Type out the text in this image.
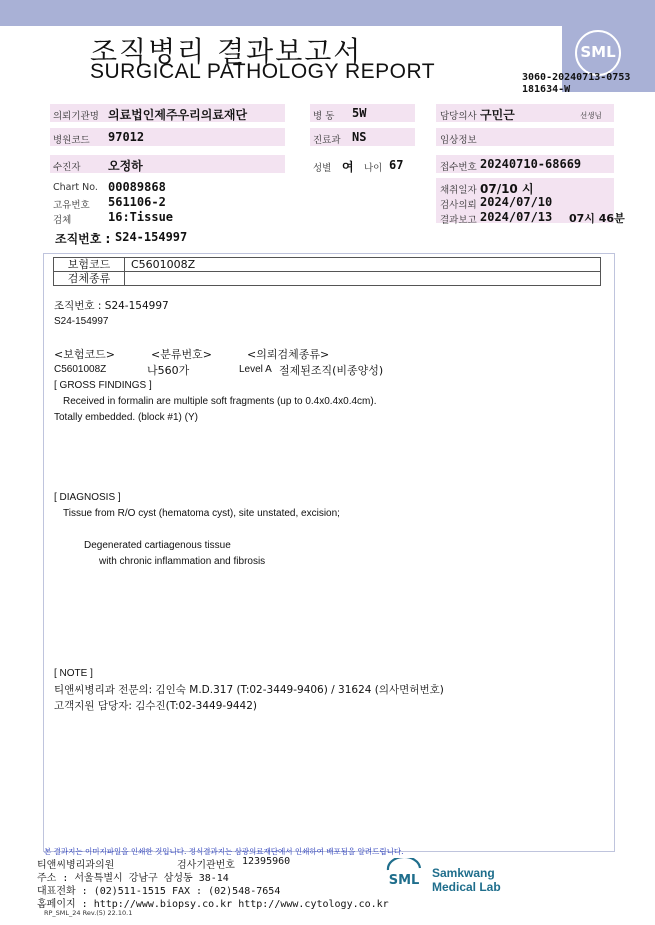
SML
조직병리 결과보고서
SURGICAL PATHOLOGY REPORT	3060-20240713-0753
181634-W
의뢰기관명 의료법인제주우리의료재단	병 동 5W	담당의사 구민근	선생님
병원코드 97012	진료과 NS	임상정보
수진자 오정하	성별 여 나이 67	접수번호 20240710-68669
Chart No. 00089868
고유번호 561106-2
검체	16:Tissue
채취일자 07/10 시
검사의뢰 2024/07/10
결과보고 2024/07/13 07시 46분
조직번호 : S24-154997
보험코드	C5601008Z
검체종류	
조직번호 : S24-154997
S24-154997
<보험코드>	<분류번호>	<의뢰검체종류>
C5601008Z	나560가	Level A 절제된조직(비종양성)
[ GROSS FINDINGS ]
Received in formalin are multiple soft fragments (up to 0.4x0.4x0.4cm).
Totally embedded. (block #1) (Y)
[ DIAGNOSIS ]
Tissue from R/O cyst (hematoma cyst), site unstated, excision;
Degenerated cartiagenous tissue
with chronic inflammation and fibrosis
[ NOTE ]
티앤씨병리과 전문의: 김인숙 M.D.317 (T:02-3449-9406) / 31624 (의사면허번호)
고객지원 담당자: 김수진(T:02-3449-9442)
본 결과지는 이미지파일을 인쇄한 것입니다. 정식결과지는 삼광의료재단에서 인쇄하여 배포됨을 알려드립니다.
티앤씨병리과의원	검사기관번호 12395960
주소 : 서울특별시 강남구 삼성동 38-14
대표전화 : (02)511-1515 FAX : (02)548-7654
홈페이지 : http://www.biopsy.co.kr http://www.cytology.co.kr
RP_SML_24 Rev.(5) 22.10.1
SML Samkwang
Medical Lab
